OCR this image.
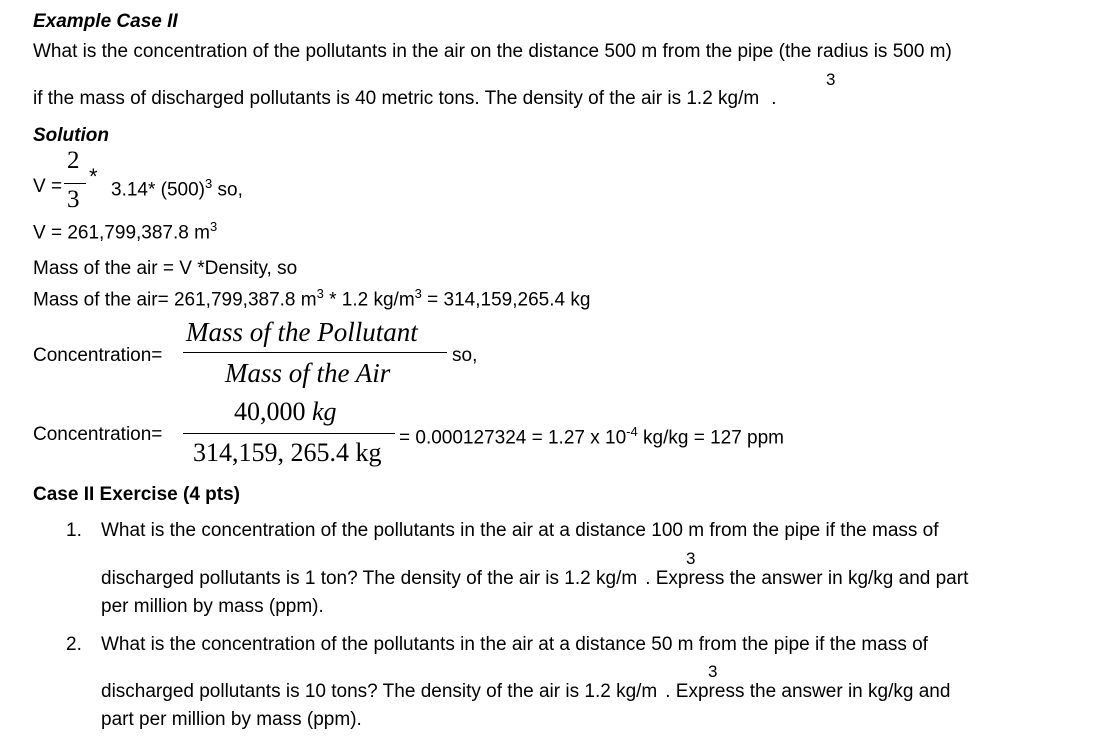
Example Case II
What is the concentration of the pollutants in the air on the distance 500 m from the pipe (the radius is 500 m)
3
if the mass of discharged pollutants is 40 metric tons. The density of the air is 1.2 kg/m .
Solution
V =
2
3
*
3.14* $(500)^3$ so,
V = 261,799,387.8 $m^3$
Mass of the air = V *Density, so
Mass of the air= 261,799,387.8 $m^3 * 1.2$ $kg/m^3 = 314,159,265.4$ kg
Concentration=
Mass of the Pollutant
Mass of the Air
so,
Concentration=
40,000 kg
314,159, 265.4 kg
= 0.000127324 = 1.27 x $10^{-4}$ kg/kg = 127 ppm
Case II Exercise (4 pts)
1. What is the concentration of the pollutants in the air at a distance 100 m from the pipe if the mass of
3
discharged pollutants is 1 ton? The density of the air is 1.2 kg/m . Express the answer in kg/kg and part
per million by mass (ppm).
2. What is the concentration of the pollutants in the air at a distance 50 m from the pipe if the mass of
3
discharged pollutants is 10 tons? The density of the air is 1.2 kg/m . Express the answer in kg/kg and
part per million by mass (ppm).
